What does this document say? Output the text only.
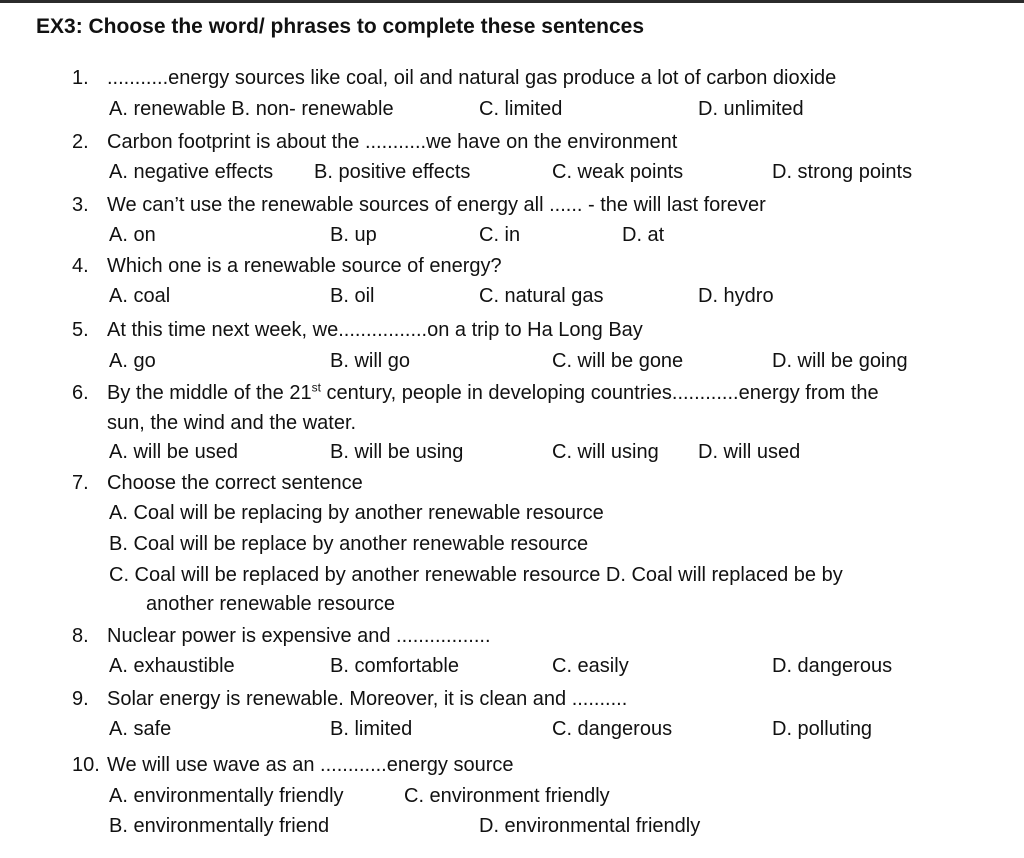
EX3: Choose the word/ phrases to complete these sentences
1. ...........energy sources like coal, oil and natural gas produce a lot of carbon dioxide
A. renewable B. non- renewable	C. limited	D. unlimited
2. Carbon footprint is about the ...........we have on the environment
A. negative effects B. positive effects	C. weak points	D. strong points
3. We can’t use the renewable sources of energy all ...... - the will last forever
A. on	B. up	C. in	D. at
4. Which one is a renewable source of energy?
A. coal	B. oil	C. natural gas	D. hydro
5. At this time next week, we................on a trip to Ha Long Bay
A. go	B. will go	C. will be gone	D. will be going
6. By the middle of the 21st century, people in developing countries............energy from the
sun, the wind and the water.
A. will be used	B. will be using	C. will using D. will used
7. Choose the correct sentence
A. Coal will be replacing by another renewable resource
B. Coal will be replace by another renewable resource
C. Coal will be replaced by another renewable resource D. Coal will replaced be by
another renewable resource
8. Nuclear power is expensive and .................
A. exhaustible	B. comfortable	C. easily	D. dangerous
9. Solar energy is renewable. Moreover, it is clean and ..........
A. safe	B. limited	C. dangerous	D. polluting
10. We will use wave as an ............energy source
A. environmentally friendly	C. environment friendly
B. environmentally friend	D. environmental friendly
